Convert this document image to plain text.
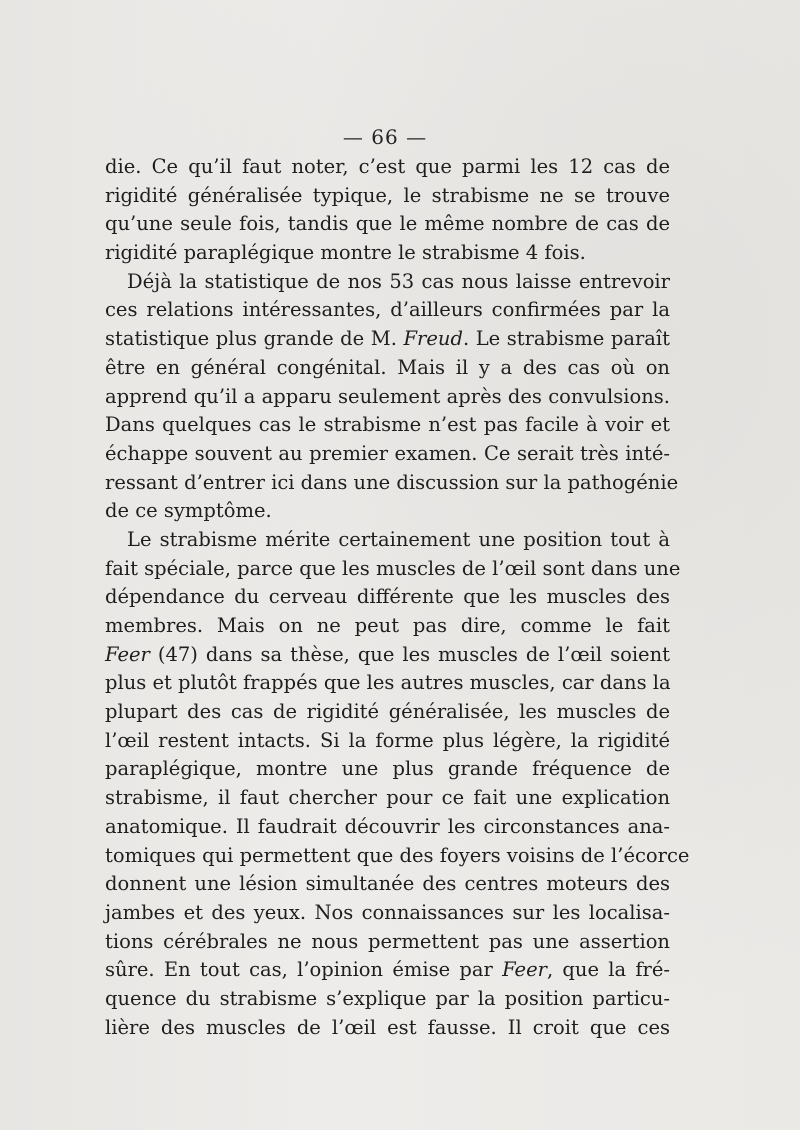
— 66 —
die. Ce qu’il faut noter, c’est que parmi les 12 cas de
rigidité généralisée typique, le strabisme ne se trouve
qu’une seule fois, tandis que le même nombre de cas de
rigidité paraplégique montre le strabisme 4 fois.
Déjà la statistique de nos 53 cas nous laisse entrevoir
ces relations intéressantes, d’ailleurs confirmées par la
statistique plus grande de M. Freud. Le strabisme paraît
être en général congénital. Mais il y a des cas où on
apprend qu’il a apparu seulement après des convulsions.
Dans quelques cas le strabisme n’est pas facile à voir et
échappe souvent au premier examen. Ce serait très inté-
ressant d’entrer ici dans une discussion sur la pathogénie
de ce symptôme.
Le strabisme mérite certainement une position tout à
fait spéciale, parce que les muscles de l’œil sont dans une
dépendance du cerveau différente que les muscles des
membres. Mais on ne peut pas dire, comme le fait
Feer (47) dans sa thèse, que les muscles de l’œil soient
plus et plutôt frappés que les autres muscles, car dans la
plupart des cas de rigidité généralisée, les muscles de
l’œil restent intacts. Si la forme plus légère, la rigidité
paraplégique, montre une plus grande fréquence de
strabisme, il faut chercher pour ce fait une explication
anatomique. Il faudrait découvrir les circonstances ana-
tomiques qui permettent que des foyers voisins de l’écorce
donnent une lésion simultanée des centres moteurs des
jambes et des yeux. Nos connaissances sur les localisa-
tions cérébrales ne nous permettent pas une assertion
sûre. En tout cas, l’opinion émise par Feer, que la fré-
quence du strabisme s’explique par la position particu-
lière des muscles de l’œil est fausse. Il croit que ces
